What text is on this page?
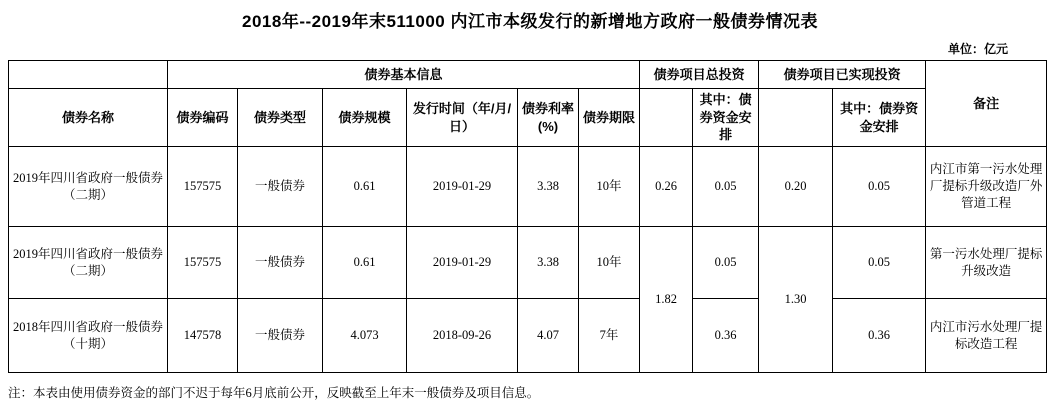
2018年--2019年末511000 内江市本级发行的新增地方政府一般债券情况表
单位：亿元
	债券基本信息						债券项目总投资		债券项目已实现投资		备注
债券名称	债券编码	债券类型	债券规模	发行时间（年/月/日）	债券利率(%)	债券期限		其中：债券资金安排		其中：债券资金安排	
2019年四川省政府一般债券（二期）	157575	一般债券	0.61	2019-01-29	3.38	10年	0.26	0.05	0.20	0.05	内江市第一污水处理厂提标升级改造厂外管道工程
2019年四川省政府一般债券（二期）	157575	一般债券	0.61	2019-01-29	3.38	10年	1.82	0.05	1.30	0.05	第一污水处理厂提标升级改造
2018年四川省政府一般债券（十期）	147578	一般债券	4.073	2018-09-26	4.07	7年		0.36		0.36	内江市污水处理厂提标改造工程
注：本表由使用债券资金的部门不迟于每年6月底前公开，反映截至上年末一般债券及项目信息。
